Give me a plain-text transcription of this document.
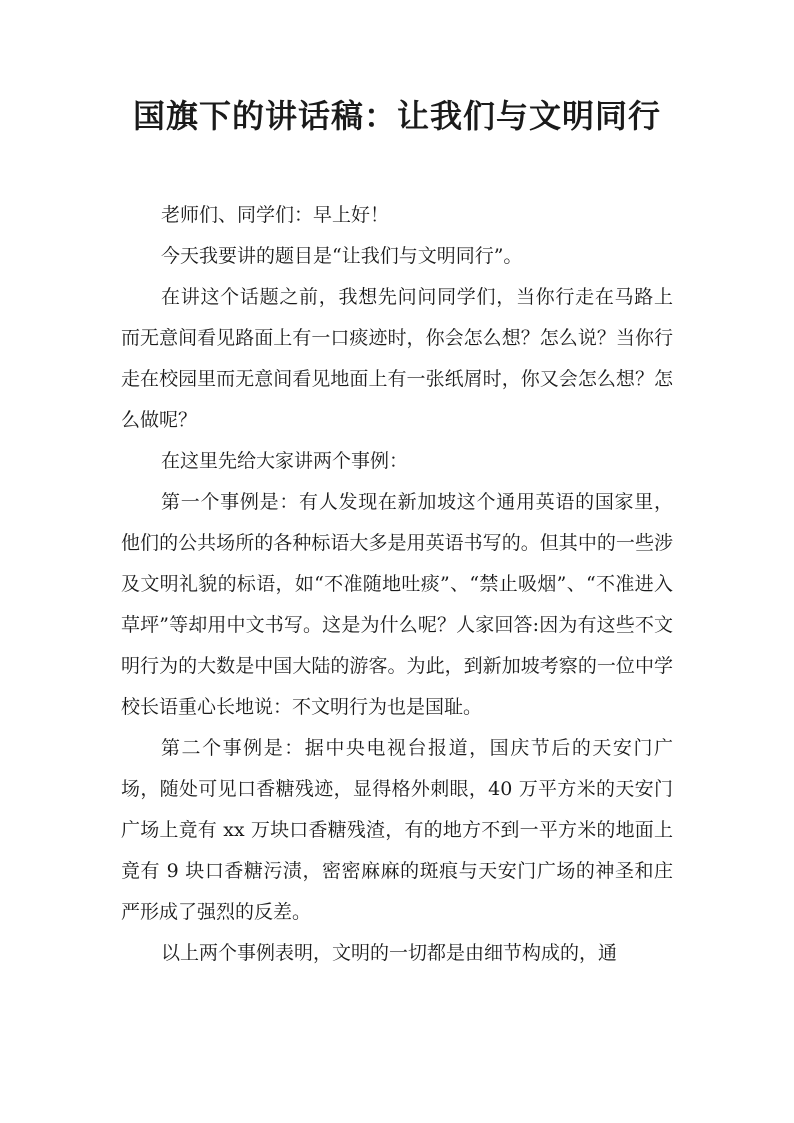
国旗下的讲话稿：让我们与文明同行

老师们、同学们：早上好！

今天我要讲的题目是“让我们与文明同行”。

在讲这个话题之前，我想先问问同学们，当你行走在马路上而无意间看见路面上有一口痰迹时，你会怎么想？怎么说？当你行走在校园里而无意间看见地面上有一张纸屑时，你又会怎么想？怎么做呢？

在这里先给大家讲两个事例：

第一个事例是：有人发现在新加坡这个通用英语的国家里，他们的公共场所的各种标语大多是用英语书写的。但其中的一些涉及文明礼貌的标语，如“不准随地吐痰”、“禁止吸烟”、“不准进入草坪”等却用中文书写。这是为什么呢？人家回答:因为有这些不文明行为的大数是中国大陆的游客。为此，到新加坡考察的一位中学校长语重心长地说：不文明行为也是国耻。

第二个事例是：据中央电视台报道，国庆节后的天安门广场，随处可见口香糖残迹，显得格外刺眼，40 万平方米的天安门广场上竟有 xx 万块口香糖残渣，有的地方不到一平方米的地面上竟有 9 块口香糖污渍，密密麻麻的斑痕与天安门广场的神圣和庄严形成了强烈的反差。

以上两个事例表明，文明的一切都是由细节构成的，通
